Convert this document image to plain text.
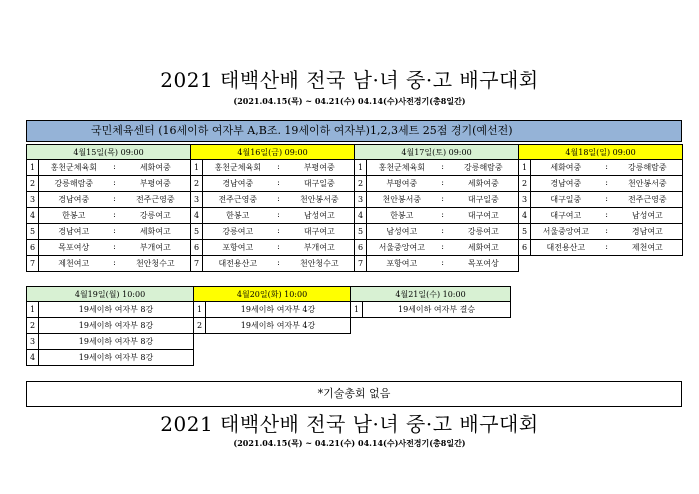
2021 태백산배 전국 남·녀 중·고 배구대회
(2021.04.15(목) ~ 04.21(수) 04.14(수)사전경기(총8일간)
국민체육센터 (16세이하 여자부 A,B조. 19세이하 여자부)1,2,3세트 25점 경기(예선전)
4월15일(목) 09:00		4월16일(금) 09:00		4월17일(토) 09:00		4월18일(일) 09:00	
1	홍천군체육회 : 세화여중	1	홍천군체육회 : 부평여중	1	홍천군체육회 : 강릉해람중	1	세화여중 : 강릉해람중

2	강릉해람중 : 부평여중	2	경남여중 : 대구일중	2	부평여중 : 세화여중	2	경남여중 : 천안봉서중

3	경남여중 : 전주근영중	3	전주근영중 : 천안봉서중	3	천안봉서중 : 대구일중	3	대구일중 : 전주근영중

4	한봉고 : 강릉여고	4	한봉고 : 남성여고	4	한봉고 : 대구여고	4	대구여고 : 남성여고

5	경남여고 : 세화여고	5	강릉여고 : 대구여고	5	남성여고 : 강릉여고	5	서울중앙여고 : 경남여고

6	목포여상 : 부개여고	6	포항여고 : 부개여고	6	서울중앙여고 : 세화여고	6	대전용산고 : 제천여고

7	제천여고 : 천안청수고	7	대전용산고 : 천안청수고	7	포항여고 : 목포여상		
4월19일(월) 10:00		4월20일(화) 10:00		4월21일(수) 10:00	
1	19세이하 여자부 8강	1	19세이하 여자부 4강	1	19세이하 여자부 결승
2	19세이하 여자부 8강	2	19세이하 여자부 4강		
3	19세이하 여자부 8강				
4	19세이하 여자부 8강				
*기술총회 없음
2021 태백산배 전국 남·녀 중·고 배구대회
(2021.04.15(목) ~ 04.21(수) 04.14(수)사전경기(총8일간)
